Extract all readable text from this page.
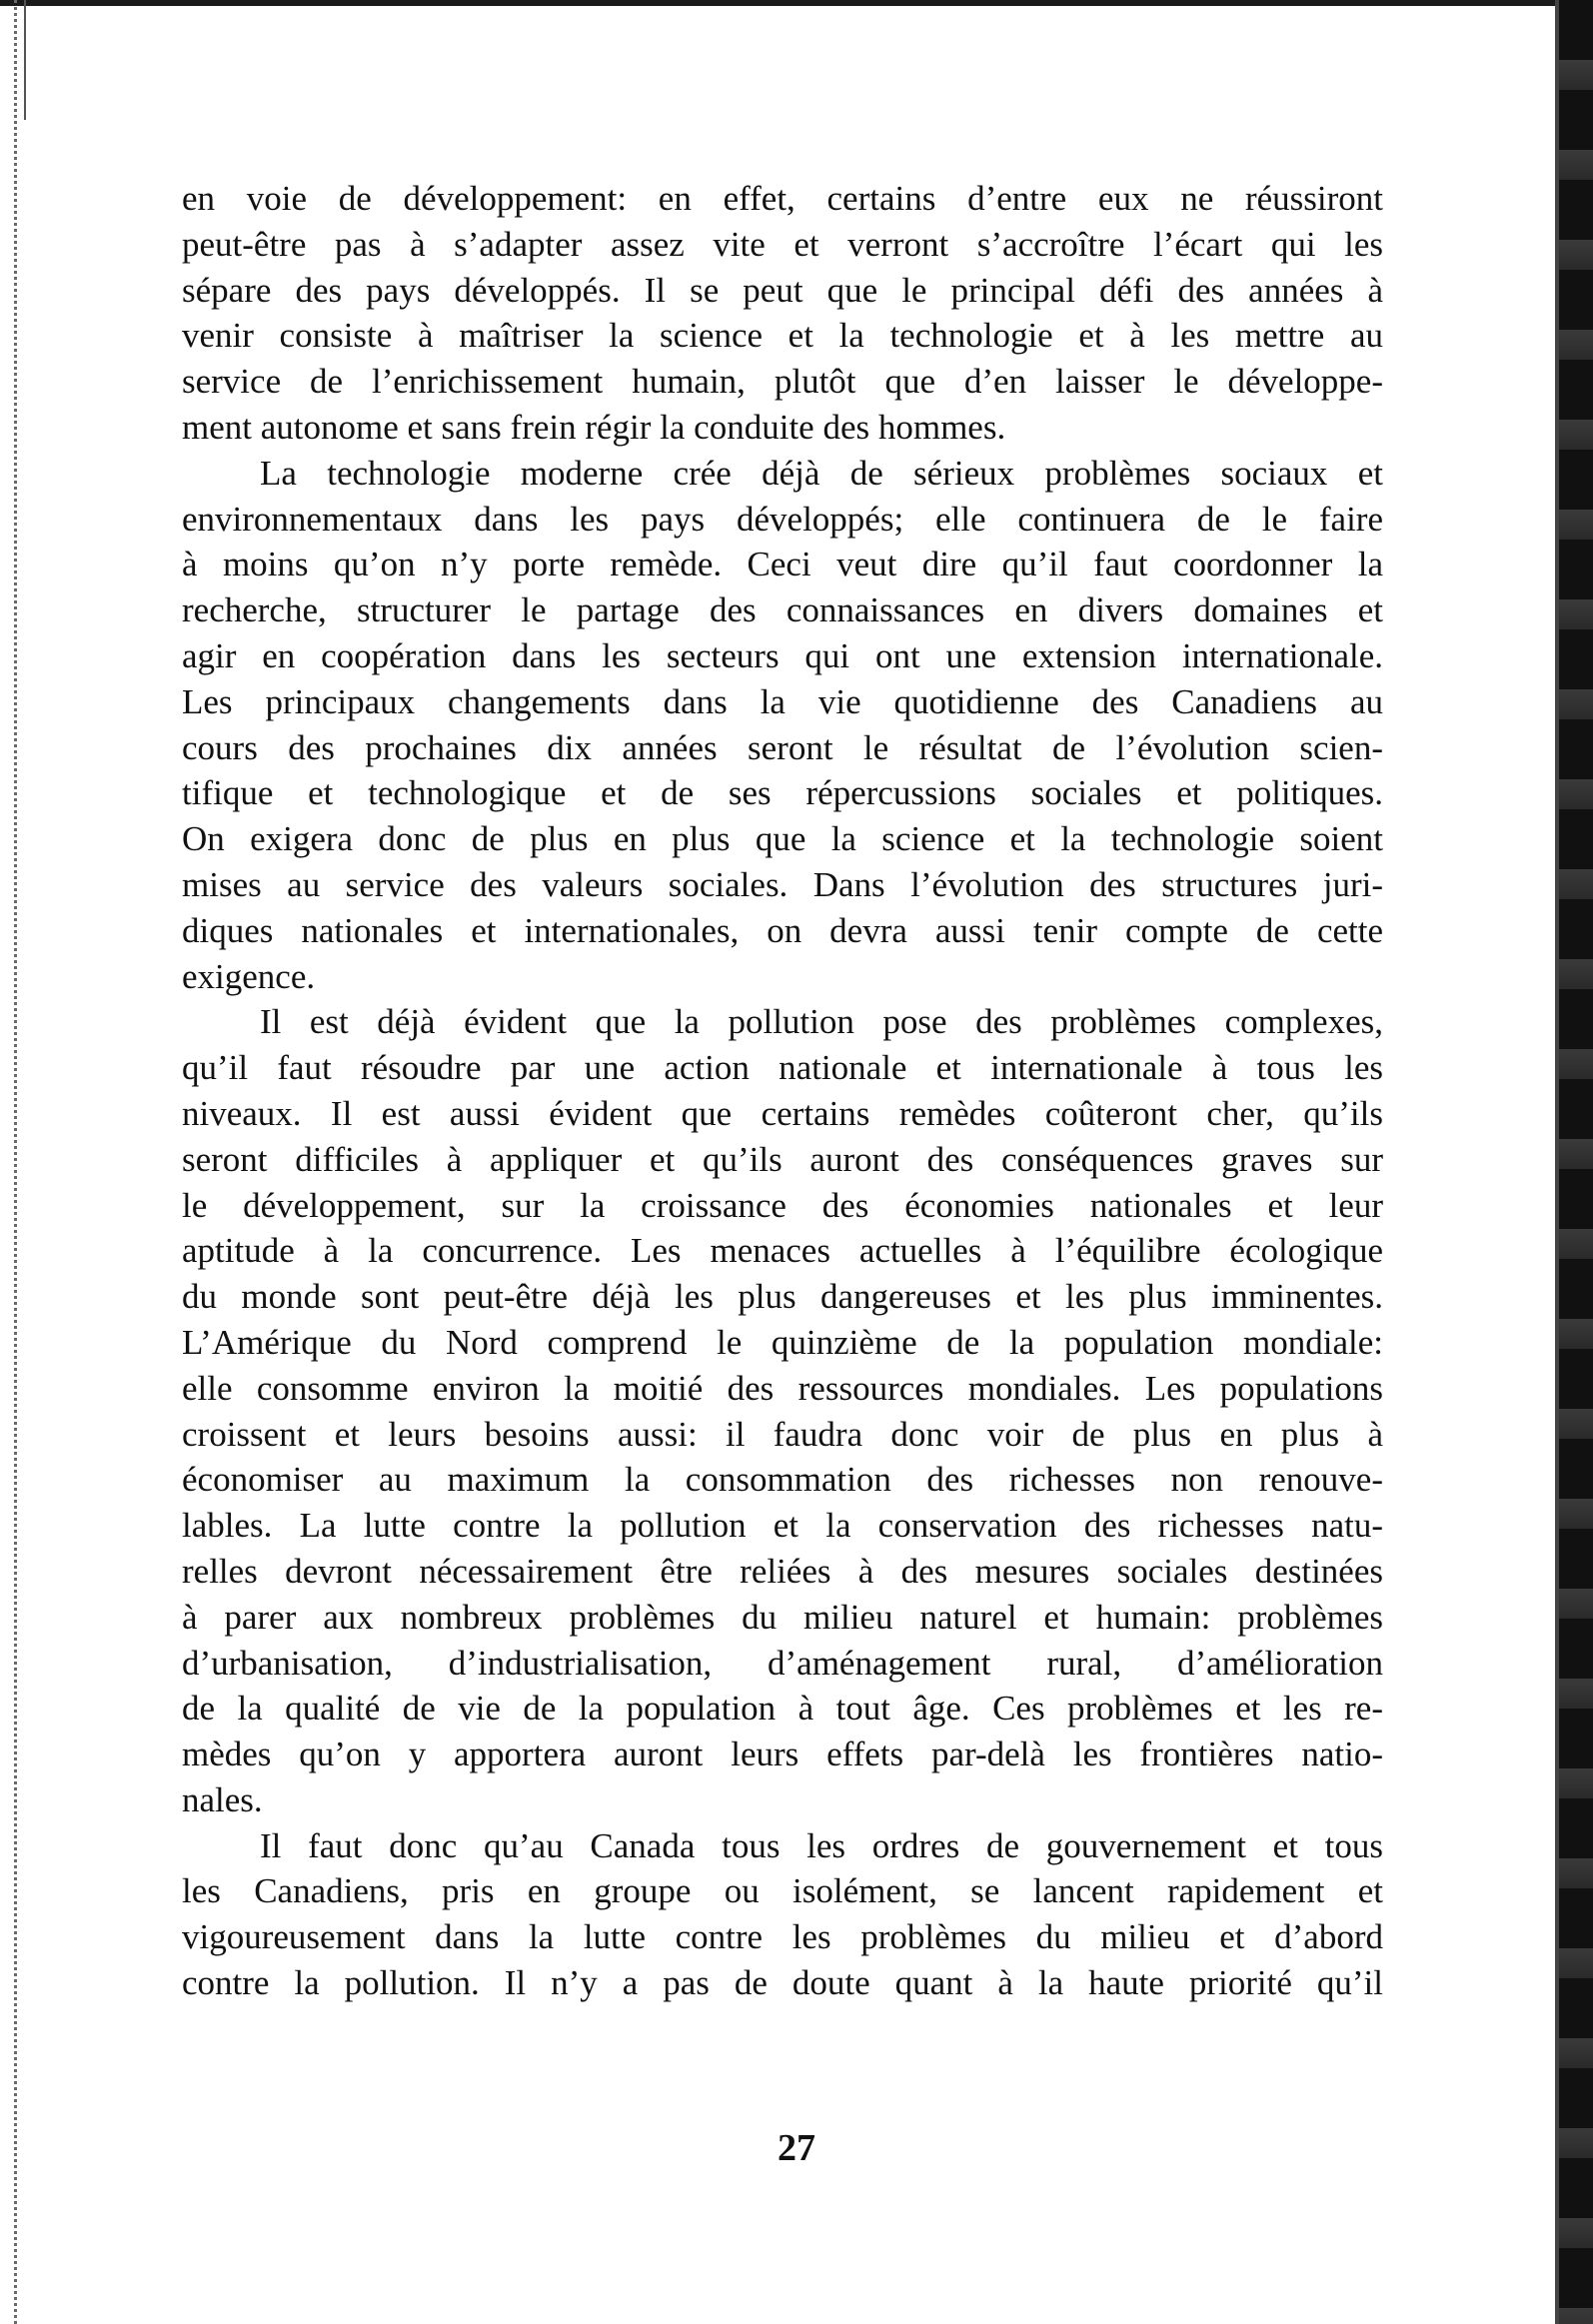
en voie de développement: en effet, certains d’entre eux ne réussiront
peut-être pas à s’adapter assez vite et verront s’accroître l’écart qui les
sépare des pays développés. Il se peut que le principal défi des années à
venir consiste à maîtriser la science et la technologie et à les mettre au
service de l’enrichissement humain, plutôt que d’en laisser le développe-
ment autonome et sans frein régir la conduite des hommes.
La technologie moderne crée déjà de sérieux problèmes sociaux et
environnementaux dans les pays développés; elle continuera de le faire
à moins qu’on n’y porte remède. Ceci veut dire qu’il faut coordonner la
recherche, structurer le partage des connaissances en divers domaines et
agir en coopération dans les secteurs qui ont une extension internationale.
Les principaux changements dans la vie quotidienne des Canadiens au
cours des prochaines dix années seront le résultat de l’évolution scien-
tifique et technologique et de ses répercussions sociales et politiques.
On exigera donc de plus en plus que la science et la technologie soient
mises au service des valeurs sociales. Dans l’évolution des structures juri-
diques nationales et internationales, on devra aussi tenir compte de cette
exigence.
Il est déjà évident que la pollution pose des problèmes complexes,
qu’il faut résoudre par une action nationale et internationale à tous les
niveaux. Il est aussi évident que certains remèdes coûteront cher, qu’ils
seront difficiles à appliquer et qu’ils auront des conséquences graves sur
le développement, sur la croissance des économies nationales et leur
aptitude à la concurrence. Les menaces actuelles à l’équilibre écologique
du monde sont peut-être déjà les plus dangereuses et les plus imminentes.
L’Amérique du Nord comprend le quinzième de la population mondiale:
elle consomme environ la moitié des ressources mondiales. Les populations
croissent et leurs besoins aussi: il faudra donc voir de plus en plus à
économiser au maximum la consommation des richesses non renouve-
lables. La lutte contre la pollution et la conservation des richesses natu-
relles devront nécessairement être reliées à des mesures sociales destinées
à parer aux nombreux problèmes du milieu naturel et humain: problèmes
d’urbanisation, d’industrialisation, d’aménagement rural, d’amélioration
de la qualité de vie de la population à tout âge. Ces problèmes et les re-
mèdes qu’on y apportera auront leurs effets par-delà les frontières natio-
nales.
Il faut donc qu’au Canada tous les ordres de gouvernement et tous
les Canadiens, pris en groupe ou isolément, se lancent rapidement et
vigoureusement dans la lutte contre les problèmes du milieu et d’abord
contre la pollution. Il n’y a pas de doute quant à la haute priorité qu’il
27
